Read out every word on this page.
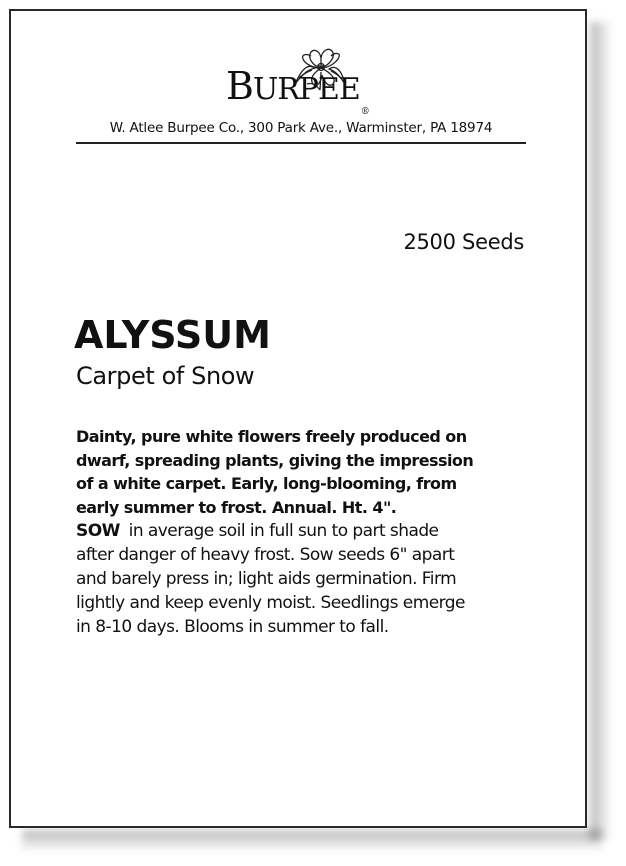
BURPEE®
W. Atlee Burpee Co., 300 Park Ave., Warminster, PA 18974
2500 Seeds
ALYSSUM
Carpet of Snow
Dainty, pure white flowers freely produced on
dwarf, spreading plants, giving the impression
of a white carpet. Early, long-blooming, from
early summer to frost. Annual. Ht. 4".
SOW in average soil in full sun to part shade
after danger of heavy frost. Sow seeds 6" apart
and barely press in; light aids germination. Firm
lightly and keep evenly moist. Seedlings emerge
in 8-10 days. Blooms in summer to fall.
